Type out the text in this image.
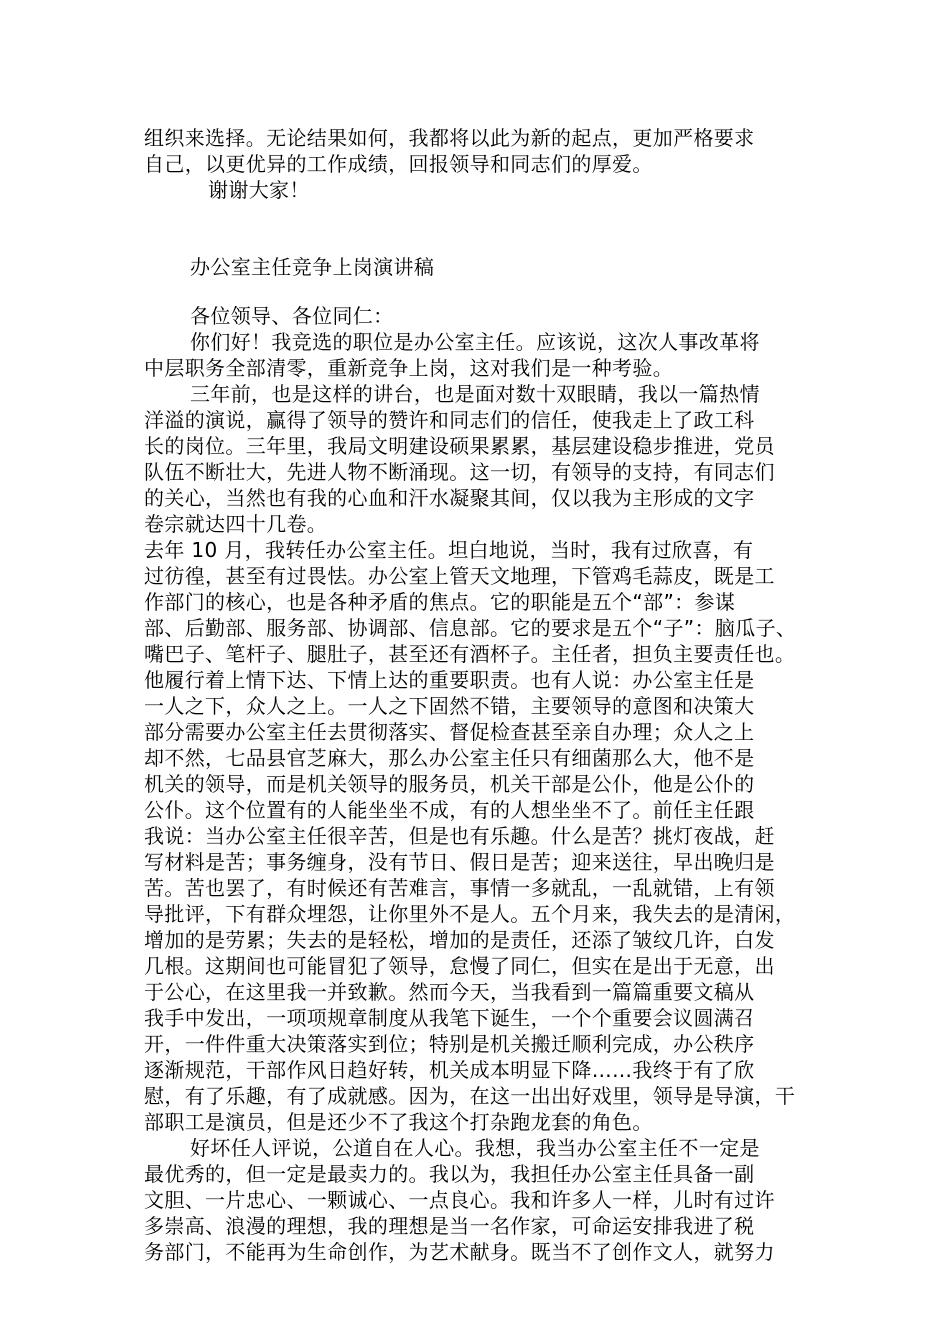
组织来选择。无论结果如何，我都将以此为新的起点，更加严格要求
自己，以更优异的工作成绩，回报领导和同志们的厚爱。
谢谢大家！
办公室主任竞争上岗演讲稿
各位领导、各位同仁：
你们好！我竞选的职位是办公室主任。应该说，这次人事改革将
中层职务全部清零，重新竞争上岗，这对我们是一种考验。
三年前，也是这样的讲台，也是面对数十双眼睛，我以一篇热情
洋溢的演说，赢得了领导的赞许和同志们的信任，使我走上了政工科
长的岗位。三年里，我局文明建设硕果累累，基层建设稳步推进，党员
队伍不断壮大，先进人物不断涌现。这一切，有领导的支持，有同志们
的关心，当然也有我的心血和汗水凝聚其间，仅以我为主形成的文字
卷宗就达四十几卷。
去年 10 月，我转任办公室主任。坦白地说，当时，我有过欣喜，有
过彷徨，甚至有过畏怯。办公室上管天文地理，下管鸡毛蒜皮，既是工
作部门的核心，也是各种矛盾的焦点。它的职能是五个“部”：参谋
部、后勤部、服务部、协调部、信息部。它的要求是五个“子”：脑瓜子、
嘴巴子、笔杆子、腿肚子，甚至还有酒杯子。主任者，担负主要责任也。
他履行着上情下达、下情上达的重要职责。也有人说：办公室主任是
一人之下，众人之上。一人之下固然不错，主要领导的意图和决策大
部分需要办公室主任去贯彻落实、督促检查甚至亲自办理；众人之上
却不然，七品县官芝麻大，那么办公室主任只有细菌那么大，他不是
机关的领导，而是机关领导的服务员，机关干部是公仆，他是公仆的
公仆。这个位置有的人能坐坐不成，有的人想坐坐不了。前任主任跟
我说：当办公室主任很辛苦，但是也有乐趣。什么是苦？挑灯夜战，赶
写材料是苦；事务缠身，没有节日、假日是苦；迎来送往，早出晚归是
苦。苦也罢了，有时候还有苦难言，事情一多就乱，一乱就错，上有领
导批评，下有群众埋怨，让你里外不是人。五个月来，我失去的是清闲，
增加的是劳累；失去的是轻松，增加的是责任，还添了皱纹几许，白发
几根。这期间也可能冒犯了领导，怠慢了同仁，但实在是出于无意，出
于公心，在这里我一并致歉。然而今天，当我看到一篇篇重要文稿从
我手中发出，一项项规章制度从我笔下诞生，一个个重要会议圆满召
开，一件件重大决策落实到位；特别是机关搬迁顺利完成，办公秩序
逐渐规范，干部作风日趋好转，机关成本明显下降……我终于有了欣
慰，有了乐趣，有了成就感。因为，在这一出出好戏里，领导是导演，干
部职工是演员，但是还少不了我这个打杂跑龙套的角色。
好坏任人评说，公道自在人心。我想，我当办公室主任不一定是
最优秀的，但一定是最卖力的。我以为，我担任办公室主任具备一副
文胆、一片忠心、一颗诚心、一点良心。我和许多人一样，儿时有过许
多崇高、浪漫的理想，我的理想是当一名作家，可命运安排我进了税
务部门，不能再为生命创作，为艺术献身。既当不了创作文人，就努力
